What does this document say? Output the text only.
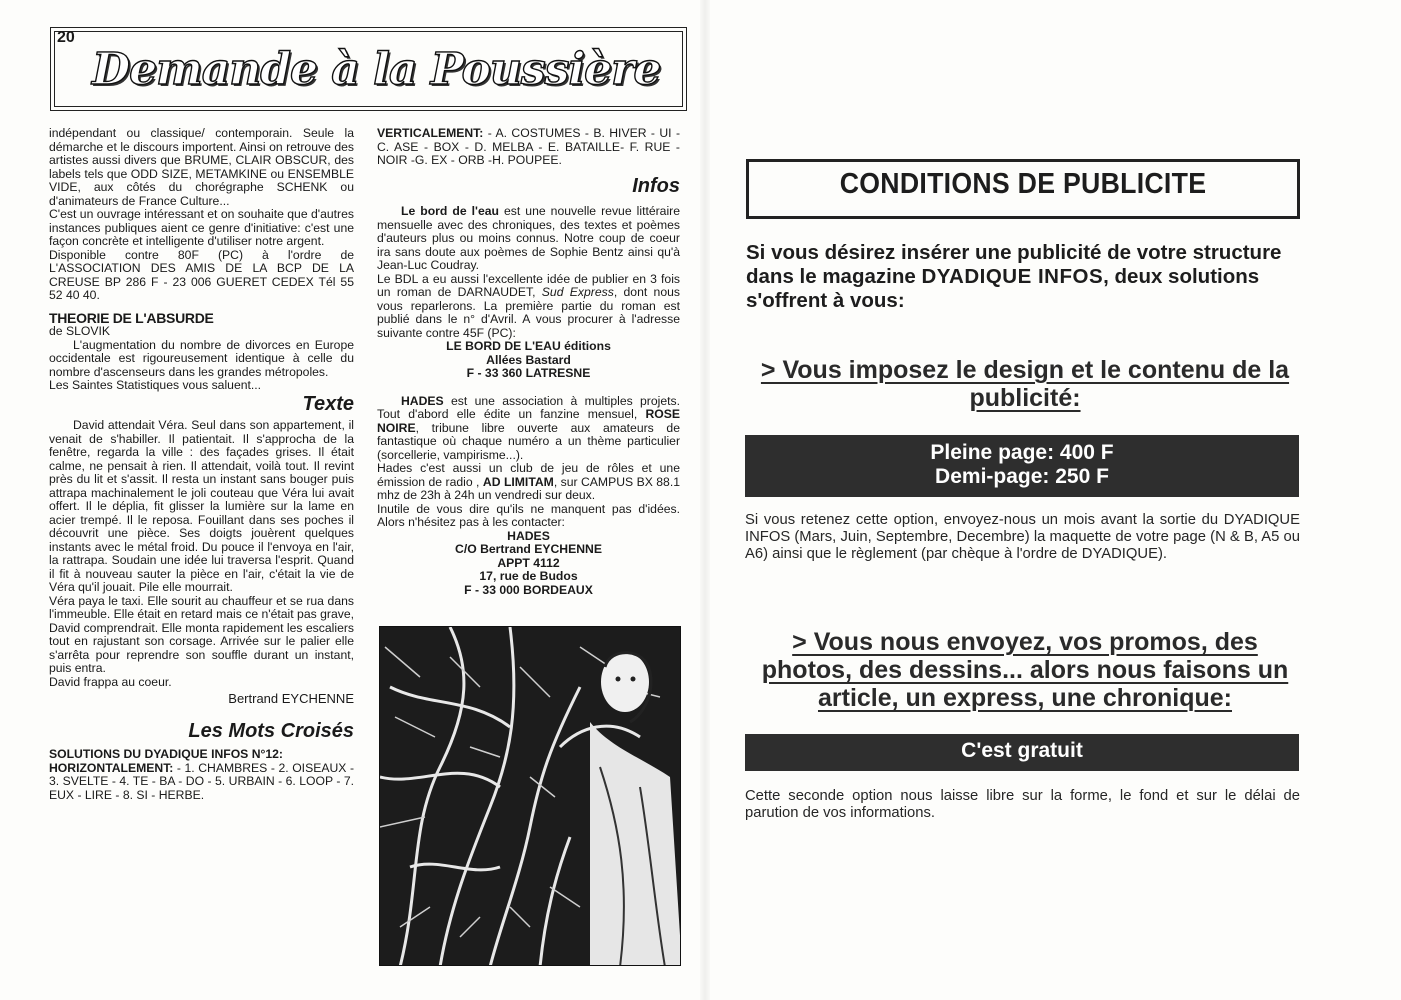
20
Demande à la Poussière

indépendant ou classique/ contemporain. Seule la démarche et le discours importent. Ainsi on retrouve des artistes aussi divers que BRUME, CLAIR OBSCUR, des labels tels que ODD SIZE, METAMKINE ou ENSEMBLE VIDE, aux côtés du chorégraphe SCHENK ou d'animateurs de France Culture...

C'est un ouvrage intéressant et on souhaite que d'autres instances publiques aient ce genre d'initiative: c'est une façon concrète et intelligente d'utiliser notre argent.

Disponible contre 80F (PC) à l'ordre de L'ASSOCIATION DES AMIS DE LA BCP DE LA CREUSE BP 286 F - 23 006 GUERET CEDEX Tél 55 52 40 40.

THEORIE DE L'ABSURDE

de SLOVIK

L'augmentation du nombre de divorces en Europe occidentale est rigoureusement identique à celle du nombre d'ascenseurs dans les grandes métropoles.

Les Saintes Statistiques vous saluent...

Texte

David attendait Véra. Seul dans son appartement, il venait de s'habiller. Il patientait. Il s'approcha de la fenêtre, regarda la ville : des façades grises. Il était calme, ne pensait à rien. Il attendait, voilà tout. Il revint près du lit et s'assit. Il resta un instant sans bouger puis attrapa machinalement le joli couteau que Véra lui avait offert. Il le déplia, fit glisser la lumière sur la lame en acier trempé. Il le reposa. Fouillant dans ses poches il découvrit une pièce. Ses doigts jouèrent quelques instants avec le métal froid. Du pouce il l'envoya en l'air, la rattrapa. Soudain une idée lui traversa l'esprit. Quand il fit à nouveau sauter la pièce en l'air, c'était la vie de Véra qu'il jouait. Pile elle mourrait.

Véra paya le taxi. Elle sourit au chauffeur et se rua dans l'immeuble. Elle était en retard mais ce n'était pas grave, David comprendrait. Elle monta rapidement les escaliers tout en rajustant son corsage. Arrivée sur le palier elle s'arrêta pour reprendre son souffle durant un instant, puis entra.

David frappa au coeur.

Bertrand EYCHENNE

Les Mots Croisés

SOLUTIONS DU DYADIQUE INFOS N°12:

HORIZONTALEMENT: - 1. CHAMBRES - 2. OISEAUX - 3. SVELTE - 4. TE - BA - DO - 5. URBAIN - 6. LOOP - 7. EUX - LIRE - 8. SI - HERBE.

VERTICALEMENT: - A. COSTUMES - B. HIVER - UI -C. ASE - BOX - D. MELBA - E. BATAILLE- F. RUE - NOIR -G. EX - ORB -H. POUPEE.

Infos

Le bord de l'eau est une nouvelle revue littéraire mensuelle avec des chroniques, des textes et poèmes d'auteurs plus ou moins connus. Notre coup de coeur ira sans doute aux poèmes de Sophie Bentz ainsi qu'à Jean-Luc Coudray.

Le BDL a eu aussi l'excellente idée de publier en 3 fois un roman de DARNAUDET, Sud Express, dont nous vous reparlerons. La première partie du roman est publié dans le n° d'Avril. A vous procurer à l'adresse suivante contre 45F (PC):

LE BORD DE L'EAU éditions

Allées Bastard

F - 33 360 LATRESNE

HADES est une association à multiples projets. Tout d'abord elle édite un fanzine mensuel, ROSE NOIRE, tribune libre ouverte aux amateurs de fantastique où chaque numéro a un thème particulier (sorcellerie, vampirisme...).

Hades c'est aussi un club de jeu de rôles et une émission de radio , AD LIMITAM, sur CAMPUS BX 88.1 mhz de 23h à 24h un vendredi sur deux.

Inutile de vous dire qu'ils ne manquent pas d'idées. Alors n'hésitez pas à les contacter:

HADES

C/O Bertrand EYCHENNE

APPT 4112

17, rue de Budos

F - 33 000 BORDEAUX

CONDITIONS DE PUBLICITE
Si vous désirez insérer une publicité de votre structure dans le magazine DYADIQUE INFOS, deux solutions s'offrent à vous:
> Vous imposez le design et le contenu de la publicité:
Pleine page: 400 F
Demi-page: 250 F
Si vous retenez cette option, envoyez-nous un mois avant la sortie du DYADIQUE INFOS (Mars, Juin, Septembre, Decembre) la maquette de votre page (N & B, A5 ou A6) ainsi que le règlement (par chèque à l'ordre de DYADIQUE).
> Vous nous envoyez, vos promos, des photos, des dessins... alors nous faisons un article, un express, une chronique:
C'est gratuit
Cette seconde option nous laisse libre sur la forme, le fond et sur le délai de parution de vos informations.
